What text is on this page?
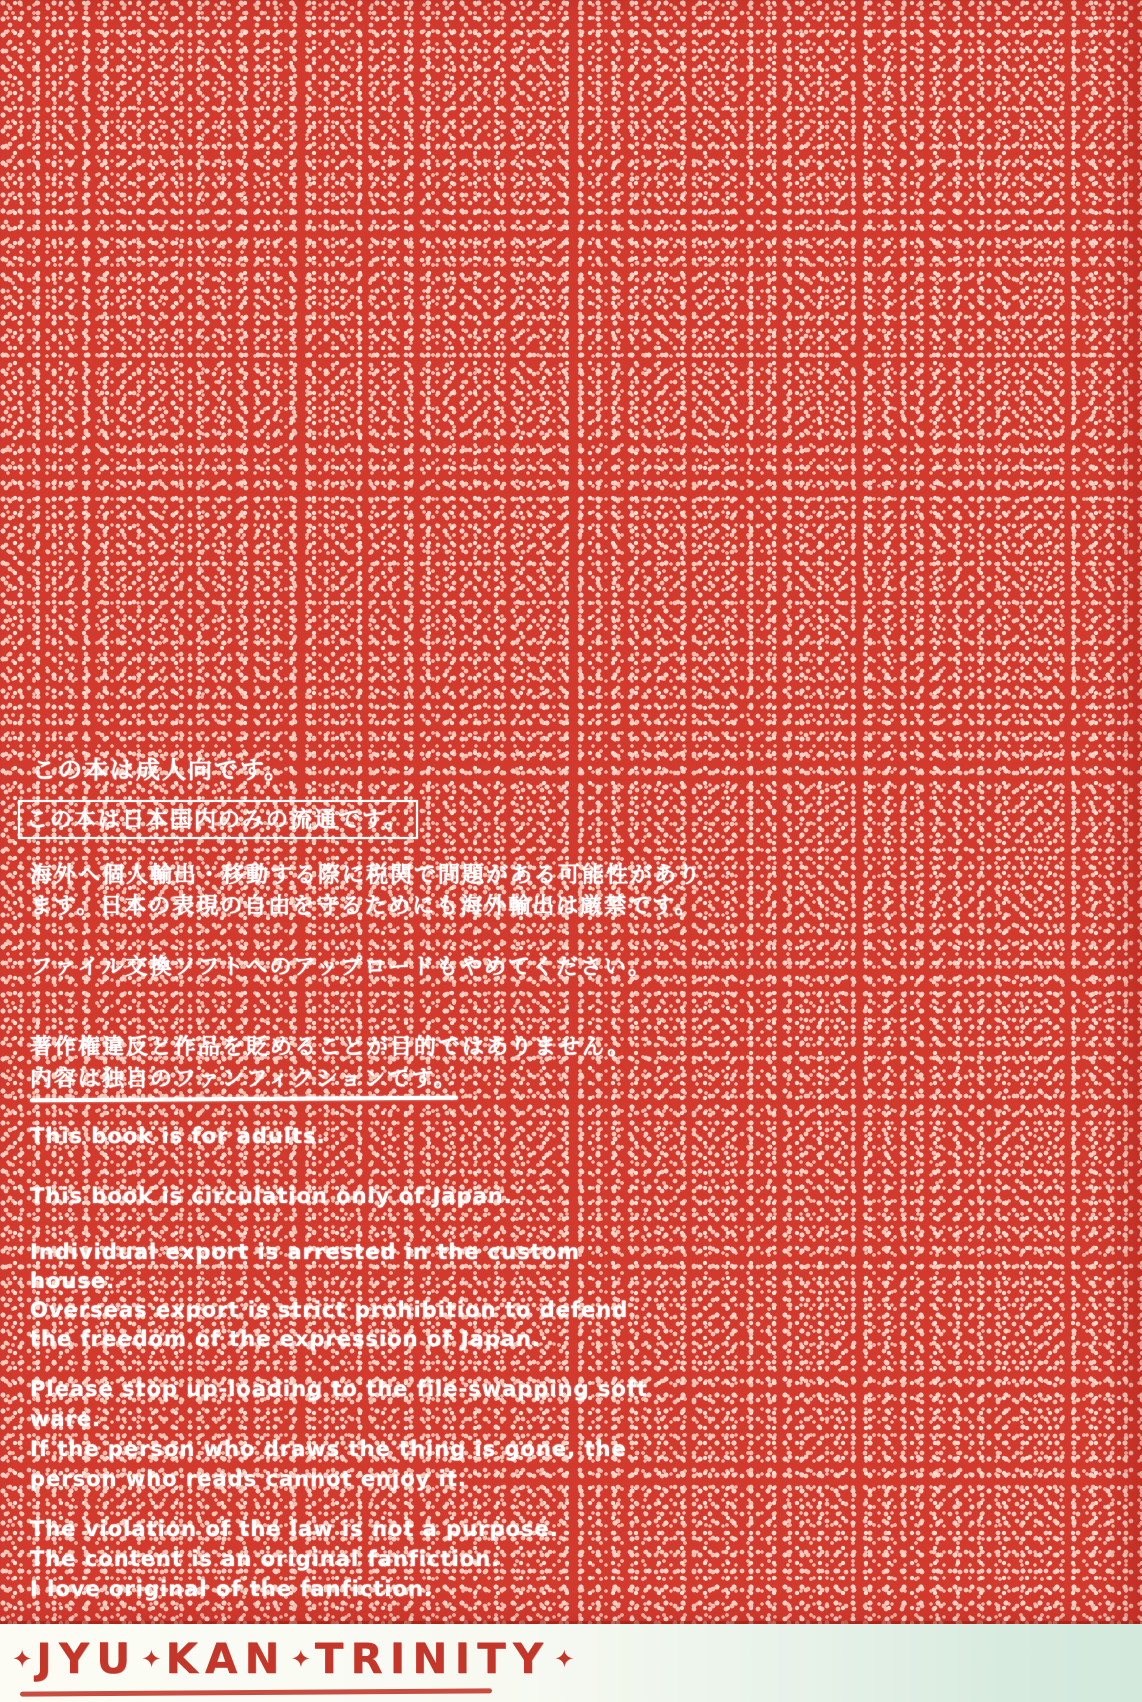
この本は成人向です。
この本は日本国内のみの流通です。
海外へ個人輸出・移動する際に税関で問題がある可能性があり
ます。日本の表現の自由を守るためにも海外輸出は厳禁です。
ファイル交換ソフトへのアップロードもやめてください。
著作権違反と作品を貶めることが目的ではありません。
内容は独自のファンフィクションです。
This book is for adults.
This book is circulation only of Japan.
Individual export is arrested in the custom
house.
Overseas export is strict prohibition to defend
the freedom of the expression of Japan.
Please stop up-loading to the file-swapping soft
ware.
If the person who draws the thing is gone, the
person who reads cannot enjoy it.
The violation of the law is not a purpose.
The content is an original fanfiction.
I love original of the fanfiction.
✦JYU ✦KAN ✦TRINITY ✦
